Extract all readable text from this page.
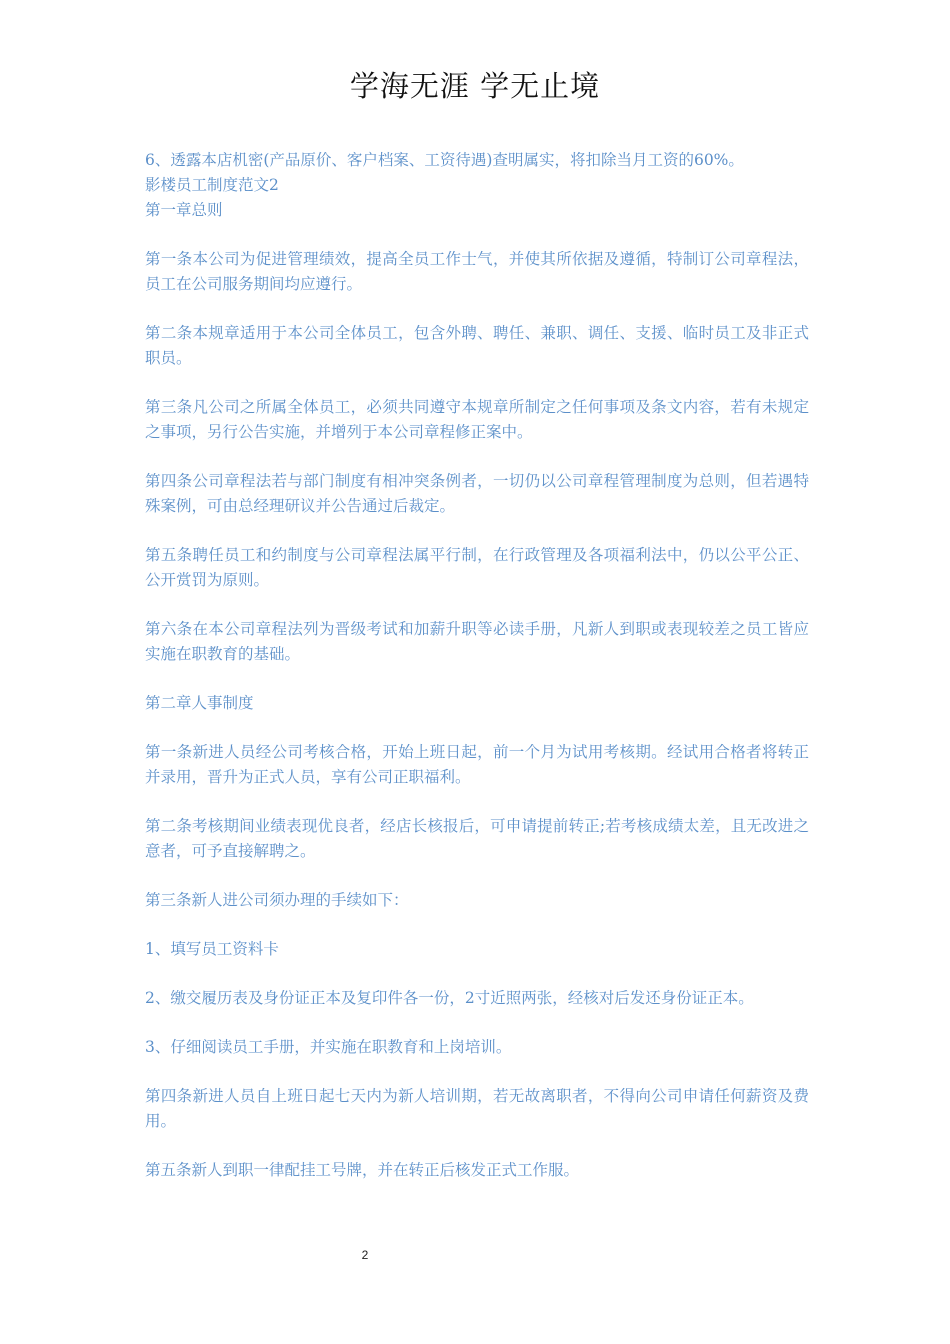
学海无涯 学无止境

6、透露本店机密(产品原价、客户档案、工资待遇)查明属实，将扣除当月工资的60%。

影楼员工制度范文2

第一章总则

第一条本公司为促进管理绩效，提高全员工作士气，并使其所依据及遵循，特制订公司章程法，员工在公司服务期间均应遵行。

第二条本规章适用于本公司全体员工，包含外聘、聘任、兼职、调任、支援、临时员工及非正式职员。

第三条凡公司之所属全体员工，必须共同遵守本规章所制定之任何事项及条文内容，若有未规定之事项，另行公告实施，并增列于本公司章程修正案中。

第四条公司章程法若与部门制度有相冲突条例者，一切仍以公司章程管理制度为总则，但若遇特殊案例，可由总经理研议并公告通过后裁定。

第五条聘任员工和约制度与公司章程法属平行制，在行政管理及各项福利法中，仍以公平公正、公开赏罚为原则。

第六条在本公司章程法列为晋级考试和加薪升职等必读手册，凡新人到职或表现较差之员工皆应实施在职教育的基础。

第二章人事制度

第一条新进人员经公司考核合格，开始上班日起，前一个月为试用考核期。经试用合格者将转正并录用，晋升为正式人员，享有公司正职福利。

第二条考核期间业绩表现优良者，经店长核报后，可申请提前转正;若考核成绩太差，且无改进之意者，可予直接解聘之。

第三条新人进公司须办理的手续如下：

1、填写员工资料卡

2、缴交履历表及身份证正本及复印件各一份，2寸近照两张，经核对后发还身份证正本。

3、仔细阅读员工手册，并实施在职教育和上岗培训。

第四条新进人员自上班日起七天内为新人培训期，若无故离职者，不得向公司申请任何薪资及费用。

第五条新人到职一律配挂工号牌，并在转正后核发正式工作服。

2
